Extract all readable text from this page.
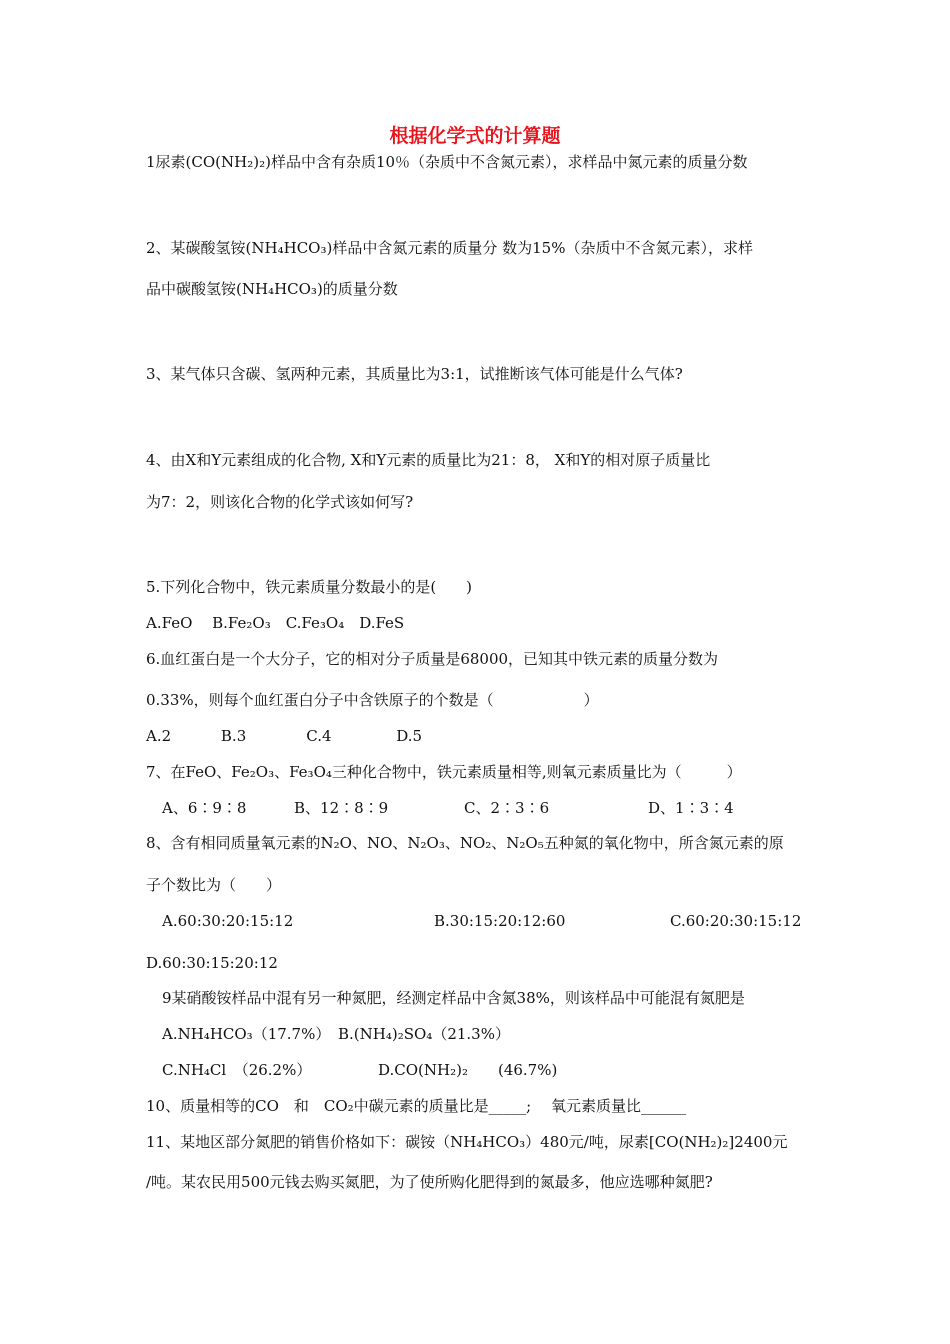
根据化学式的计算题
1尿素(CO(NH₂)₂)样品中含有杂质10％（杂质中不含氮元素），求样品中氮元素的质量分数
2、某碳酸氢铵(NH₄HCO₃)样品中含氮元素的质量分 数为15%（杂质中不含氮元素），求样
品中碳酸氢铵(NH₄HCO₃)的质量分数
3、某气体只含碳、氢两种元素，其质量比为3:1，试推断该气体可能是什么气体?
4、由X和Y元素组成的化合物, X和Y元素的质量比为21：8， X和Y的相对原子质量比
为7：2，则该化合物的化学式该如何写?
5.下列化合物中，铁元素质量分数最小的是(　　)
A.FeO　 B.Fe₂O₃　C.Fe₃O₄　D.FeS
6.血红蛋白是一个大分子，它的相对分子质量是68000，已知其中铁元素的质量分数为
0.33%，则每个血红蛋白分子中含铁原子的个数是（　　　　　　）
A.2　　　 B.3　　　　C.4　　　　 D.5
7、在FeO、Fe₂O₃、Fe₃O₄三种化合物中，铁元素质量相等,则氧元素质量比为（　　　）
A、6∶9∶8	B、12∶8∶9	C、2∶3∶6	D、1∶3∶4
8、含有相同质量氧元素的N₂O、NO、N₂O₃、NO₂、N₂O₅五种氮的氧化物中，所含氮元素的原
子个数比为（　　）
A.60:30:20:15:12	B.30:15:20:12:60	C.60:20:30:15:12
D.60:30:15:20:12
9某硝酸铵样品中混有另一种氮肥，经测定样品中含氮38%，则该样品中可能混有氮肥是
A.NH₄HCO₃（17.7%） B.(NH₄)₂SO₄（21.3%）
C.NH₄Cl　（26.2%）	D.CO(NH₂)₂　　(46.7%)
10、质量相等的CO　和　CO₂中碳元素的质量比是_____;　 氧元素质量比______
11、某地区部分氮肥的销售价格如下：碳铵（NH₄HCO₃）480元/吨，尿素[CO(NH₂)₂]2400元
/吨。某农民用500元钱去购买氮肥，为了使所购化肥得到的氮最多，他应选哪种氮肥?
